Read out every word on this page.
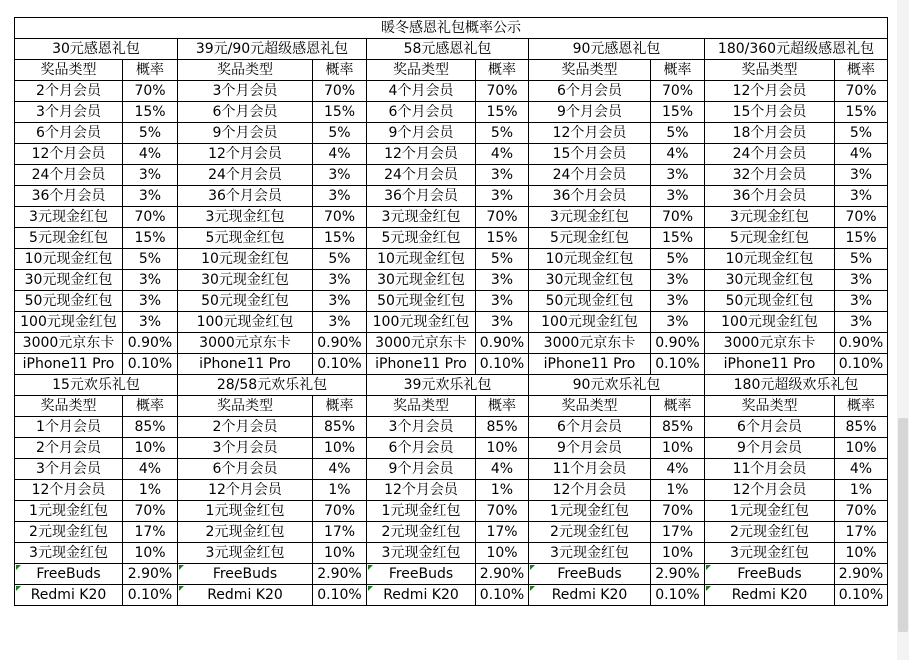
暖冬感恩礼包概率公示									
30元感恩礼包		39元/90元超级感恩礼包		58元感恩礼包		90元感恩礼包		180/360元超级感恩礼包	
奖品类型	概率	奖品类型	概率	奖品类型	概率	奖品类型	概率	奖品类型	概率
2个月会员	70%	3个月会员	70%	4个月会员	70%	6个月会员	70%	12个月会员	70%
3个月会员	15%	6个月会员	15%	6个月会员	15%	9个月会员	15%	15个月会员	15%
6个月会员	5%	9个月会员	5%	9个月会员	5%	12个月会员	5%	18个月会员	5%
12个月会员	4%	12个月会员	4%	12个月会员	4%	15个月会员	4%	24个月会员	4%
24个月会员	3%	24个月会员	3%	24个月会员	3%	24个月会员	3%	32个月会员	3%
36个月会员	3%	36个月会员	3%	36个月会员	3%	36个月会员	3%	36个月会员	3%
3元现金红包	70%	3元现金红包	70%	3元现金红包	70%	3元现金红包	70%	3元现金红包	70%
5元现金红包	15%	5元现金红包	15%	5元现金红包	15%	5元现金红包	15%	5元现金红包	15%
10元现金红包	5%	10元现金红包	5%	10元现金红包	5%	10元现金红包	5%	10元现金红包	5%
30元现金红包	3%	30元现金红包	3%	30元现金红包	3%	30元现金红包	3%	30元现金红包	3%
50元现金红包	3%	50元现金红包	3%	50元现金红包	3%	50元现金红包	3%	50元现金红包	3%
100元现金红包	3%	100元现金红包	3%	100元现金红包	3%	100元现金红包	3%	100元现金红包	3%
3000元京东卡	0.90%	3000元京东卡	0.90%	3000元京东卡	0.90%	3000元京东卡	0.90%	3000元京东卡	0.90%
iPhone11 Pro	0.10%	iPhone11 Pro	0.10%	iPhone11 Pro	0.10%	iPhone11 Pro	0.10%	iPhone11 Pro	0.10%
15元欢乐礼包		28/58元欢乐礼包		39元欢乐礼包		90元欢乐礼包		180元超级欢乐礼包	
奖品类型	概率	奖品类型	概率	奖品类型	概率	奖品类型	概率	奖品类型	概率
1个月会员	85%	2个月会员	85%	3个月会员	85%	6个月会员	85%	6个月会员	85%
2个月会员	10%	3个月会员	10%	6个月会员	10%	9个月会员	10%	9个月会员	10%
3个月会员	4%	6个月会员	4%	9个月会员	4%	11个月会员	4%	11个月会员	4%
12个月会员	1%	12个月会员	1%	12个月会员	1%	12个月会员	1%	12个月会员	1%
1元现金红包	70%	1元现金红包	70%	1元现金红包	70%	1元现金红包	70%	1元现金红包	70%
2元现金红包	17%	2元现金红包	17%	2元现金红包	17%	2元现金红包	17%	2元现金红包	17%
3元现金红包	10%	3元现金红包	10%	3元现金红包	10%	3元现金红包	10%	3元现金红包	10%
FreeBuds	2.90%	FreeBuds	2.90%	FreeBuds	2.90%	FreeBuds	2.90%	FreeBuds	2.90%
Redmi K20	0.10%	Redmi K20	0.10%	Redmi K20	0.10%	Redmi K20	0.10%	Redmi K20	0.10%
